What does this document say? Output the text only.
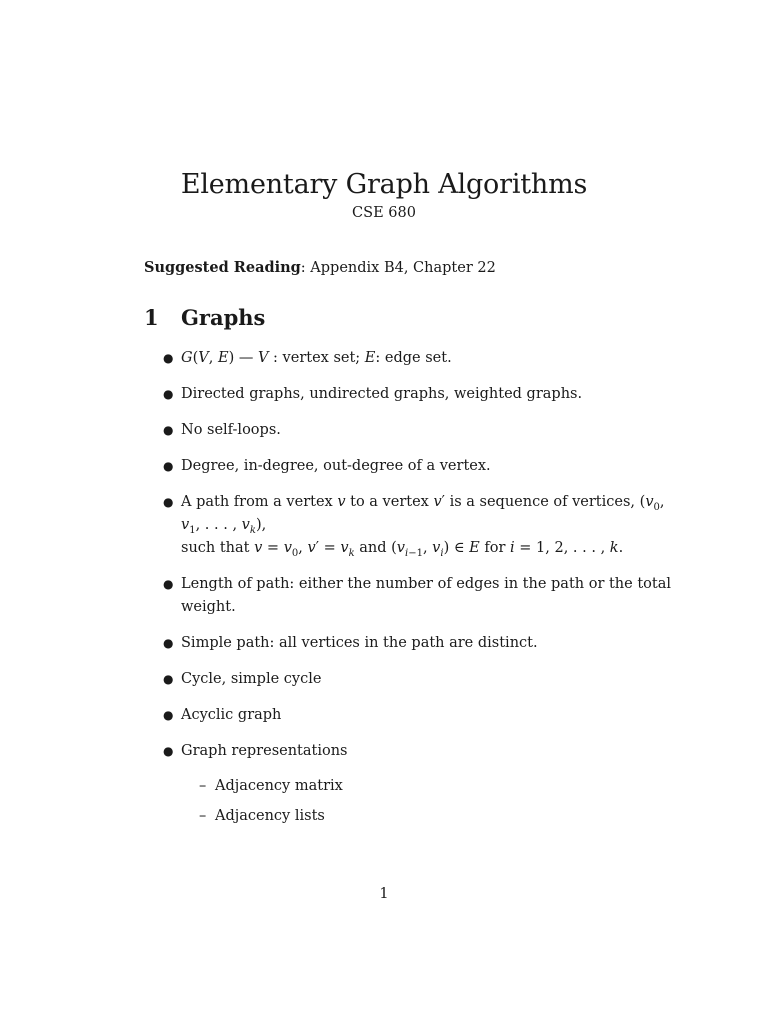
Elementary Graph Algorithms
CSE 680
Suggested Reading: Appendix B4, Chapter 22
1 Graphs
● G(V, E) — V : vertex set; E: edge set.
● Directed graphs, undirected graphs, weighted graphs.
● No self-loops.
● Degree, in-degree, out-degree of a vertex.
● A path from a vertex v to a vertex v′ is a sequence of vertices, ($v_0$, $v_1$, . . . , $v_k$),
such that $v = v_0$, $v' = v_k$ and ($v_{i-1}$, $v_i$) ∈ E for i = 1, 2, . . . , k.
● Length of path: either the number of edges in the path or the total weight.
● Simple path: all vertices in the path are distinct.
● Cycle, simple cycle
● Acyclic graph
● Graph representations
– Adjacency matrix
– Adjacency lists
1
